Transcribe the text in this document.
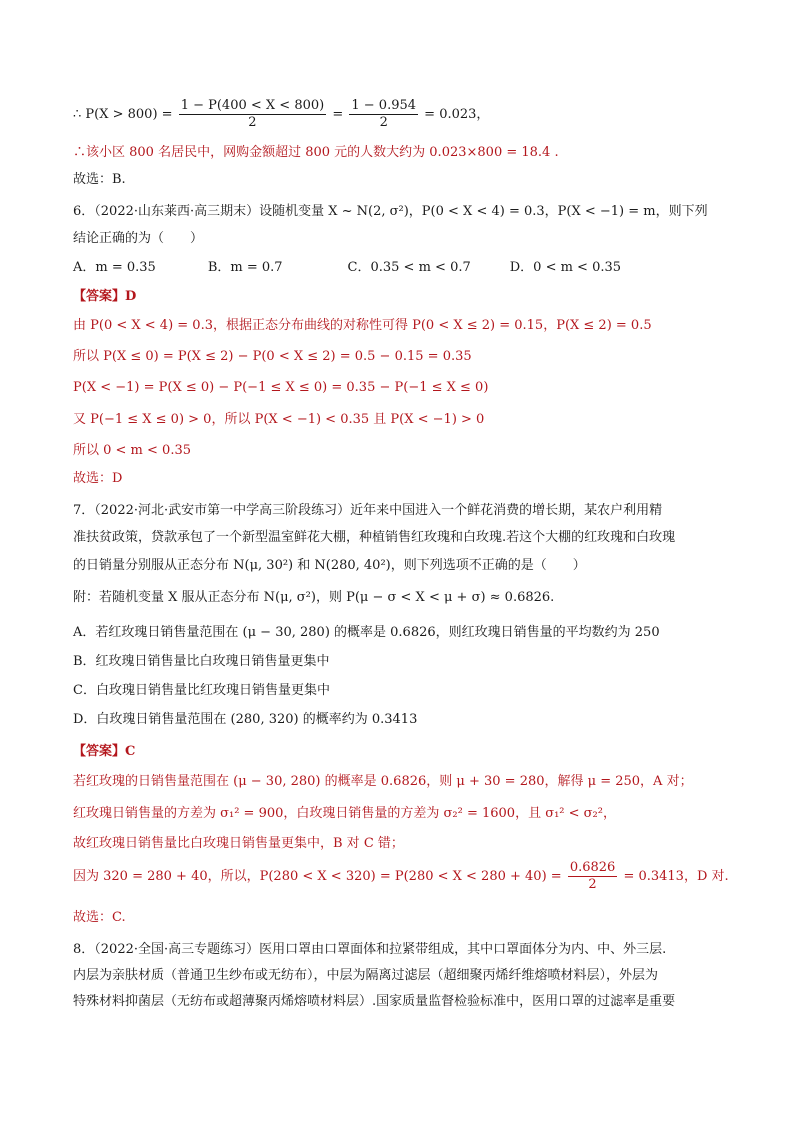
∴ $P(X > 800) = \frac{1 - P(400 < X < 800)}{2} = \frac{1 - 0.954}{2} = 0.023$，
∴该小区 800 名居民中，网购金额超过 800 元的人数大约为 0.023×800 = 18.4 .
故选：B.
6．（2022·山东莱西·高三期末）设随机变量 X ~ N(2, σ²)，P(0 < X < 4) = 0.3，P(X < −1) = m，则下列
结论正确的为（　　）
A．m = 0.35　　　　B．m = 0.7　　　　　C．0.35 < m < 0.7　　　D．0 < m < 0.35
【答案】D
由 P(0 < X < 4) = 0.3，根据正态分布曲线的对称性可得 P(0 < X ≤ 2) = 0.15，P(X ≤ 2) = 0.5
所以 P(X ≤ 0) = P(X ≤ 2) − P(0 < X ≤ 2) = 0.5 − 0.15 = 0.35
P(X < −1) = P(X ≤ 0) − P(−1 ≤ X ≤ 0) = 0.35 − P(−1 ≤ X ≤ 0)
又 P(−1 ≤ X ≤ 0) > 0，所以 P(X < −1) < 0.35 且 P(X < −1) > 0
所以 0 < m < 0.35
故选：D
7．（2022·河北·武安市第一中学高三阶段练习）近年来中国进入一个鲜花消费的增长期，某农户利用精
准扶贫政策，贷款承包了一个新型温室鲜花大棚，种植销售红玫瑰和白玫瑰.若这个大棚的红玫瑰和白玫瑰
的日销量分别服从正态分布 N(μ, 30²) 和 N(280, 40²)，则下列选项不正确的是（　　）
附：若随机变量 X 服从正态分布 N(μ, σ²)，则 P(μ − σ < X < μ + σ) ≈ 0.6826.
A．若红玫瑰日销售量范围在 (μ − 30, 280) 的概率是 0.6826，则红玫瑰日销售量的平均数约为 250
B．红玫瑰日销售量比白玫瑰日销售量更集中
C．白玫瑰日销售量比红玫瑰日销售量更集中
D．白玫瑰日销售量范围在 (280, 320) 的概率约为 0.3413
【答案】C
若红玫瑰的日销售量范围在 (μ − 30, 280) 的概率是 0.6826，则 μ + 30 = 280，解得 μ = 250，A 对；
红玫瑰日销售量的方差为 σ₁² = 900，白玫瑰日销售量的方差为 σ₂² = 1600，且 σ₁² < σ₂²，
故红玫瑰日销售量比白玫瑰日销售量更集中，B 对 C 错；
因为 320 = 280 + 40，所以，$P(280 < X < 320) = P(280 < X < 280 + 40) = \frac{0.6826}{2} = 0.3413$，D 对.
故选：C.
8．（2022·全国·高三专题练习）医用口罩由口罩面体和拉紧带组成，其中口罩面体分为内、中、外三层.
内层为亲肤材质（普通卫生纱布或无纺布），中层为隔离过滤层（超细聚丙烯纤维熔喷材料层），外层为
特殊材料抑菌层（无纺布或超薄聚丙烯熔喷材料层）.国家质量监督检验标准中，医用口罩的过滤率是重要
